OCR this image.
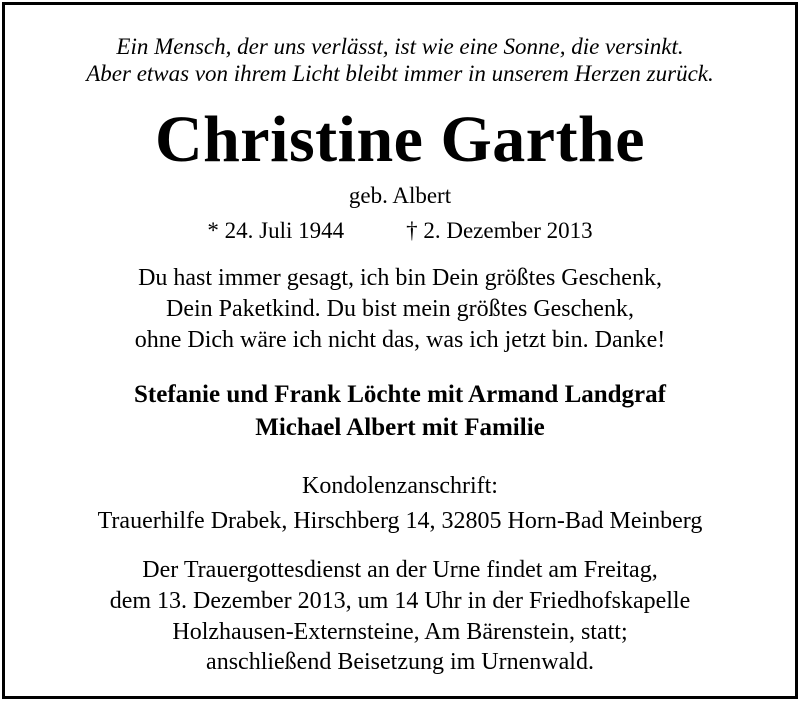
Ein Mensch, der uns verlässt, ist wie eine Sonne, die versinkt.
Aber etwas von ihrem Licht bleibt immer in unserem Herzen zurück.
Christine Garthe
geb. Albert
* 24. Juli 1944	† 2. Dezember 2013
Du hast immer gesagt, ich bin Dein größtes Geschenk,
Dein Paketkind. Du bist mein größtes Geschenk,
ohne Dich wäre ich nicht das, was ich jetzt bin. Danke!
Stefanie und Frank Löchte mit Armand Landgraf
Michael Albert mit Familie
Kondolenzanschrift:
Trauerhilfe Drabek, Hirschberg 14, 32805 Horn-Bad Meinberg
Der Trauergottesdienst an der Urne findet am Freitag,
dem 13. Dezember 2013, um 14 Uhr in der Friedhofskapelle
Holzhausen-Externsteine, Am Bärenstein, statt;
anschließend Beisetzung im Urnenwald.
